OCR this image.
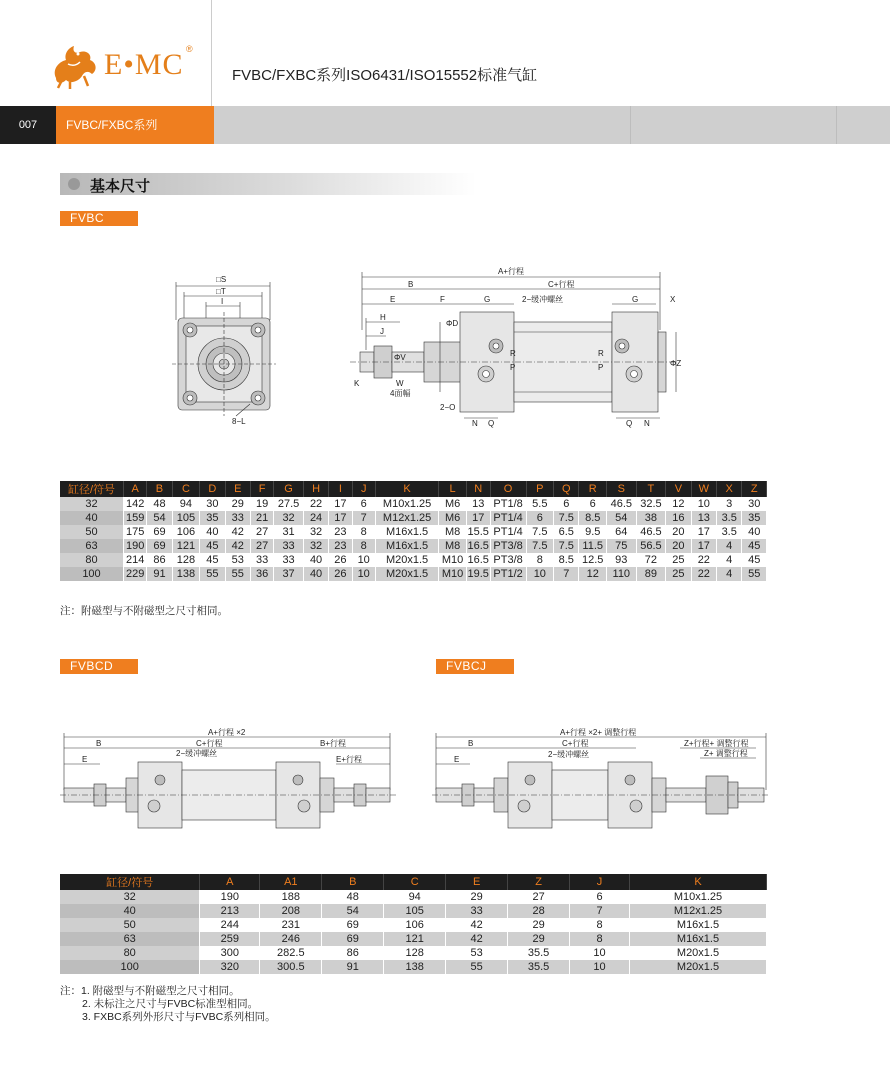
E•MC ®
FVBC/FXBC系列ISO6431/ISO15552标准气缸
007	FVBC/FXBC系列
基本尺寸
FVBC
□S
□T
I
8−L
A+行程
B	C+行程
E	F	G	2−缓冲螺丝	G	X
H
J
ΦD
ΦV
P
R
P
R
ΦZ
K	W
4面幅
2−O
N Q	Q N
缸径/符号	A	B	C	D	E	F	G	H	I	J	K	L	N	O	P	Q	R	S	T	V	W	X	Z
32	142	48	94	30	29	19	27.5	22	17	6	M10x1.25	M6	13	PT1/8	5.5	6	6	46.5	32.5	12	10	3	30
40	159	54	105	35	33	21	32	24	17	7	M12x1.25	M6	17	PT1/4	6	7.5	8.5	54	38	16	13	3.5	35
50	175	69	106	40	42	27	31	32	23	8	M16x1.5	M8	15.5	PT1/4	7.5	6.5	9.5	64	46.5	20	17	3.5	40
63	190	69	121	45	42	27	33	32	23	8	M16x1.5	M8	16.5	PT3/8	7.5	7.5	11.5	75	56.5	20	17	4	45
80	214	86	128	45	53	33	33	40	26	10	M20x1.5	M10	16.5	PT3/8	8	8.5	12.5	93	72	25	22	4	45
100	229	91	138	55	55	36	37	40	26	10	M20x1.5	M10	19.5	PT1/2	10	7	12	110	89	25	22	4	55
注：附磁型与不附磁型之尺寸相同。
FVBCD	FVBCJ
A+行程 ×2
B	C+行程	B+行程
2−缓冲螺丝
E	E+行程
A+行程 ×2+ 调整行程
B	C+行程	Z+行程+ 调整行程
Z+ 调整行程
2−缓冲螺丝
E
缸径/符号	A	A1	B	C	E	Z	J	K
32	190	188	48	94	29	27	6	M10x1.25
40	213	208	54	105	33	28	7	M12x1.25
50	244	231	69	106	42	29	8	M16x1.5
63	259	246	69	121	42	29	8	M16x1.5
80	300	282.5	86	128	53	35.5	10	M20x1.5
100	320	300.5	91	138	55	35.5	10	M20x1.5
注：1. 附磁型与不附磁型之尺寸相同。
2. 未标注之尺寸与FVBC标准型相同。
3. FXBC系列外形尺寸与FVBC系列相同。
